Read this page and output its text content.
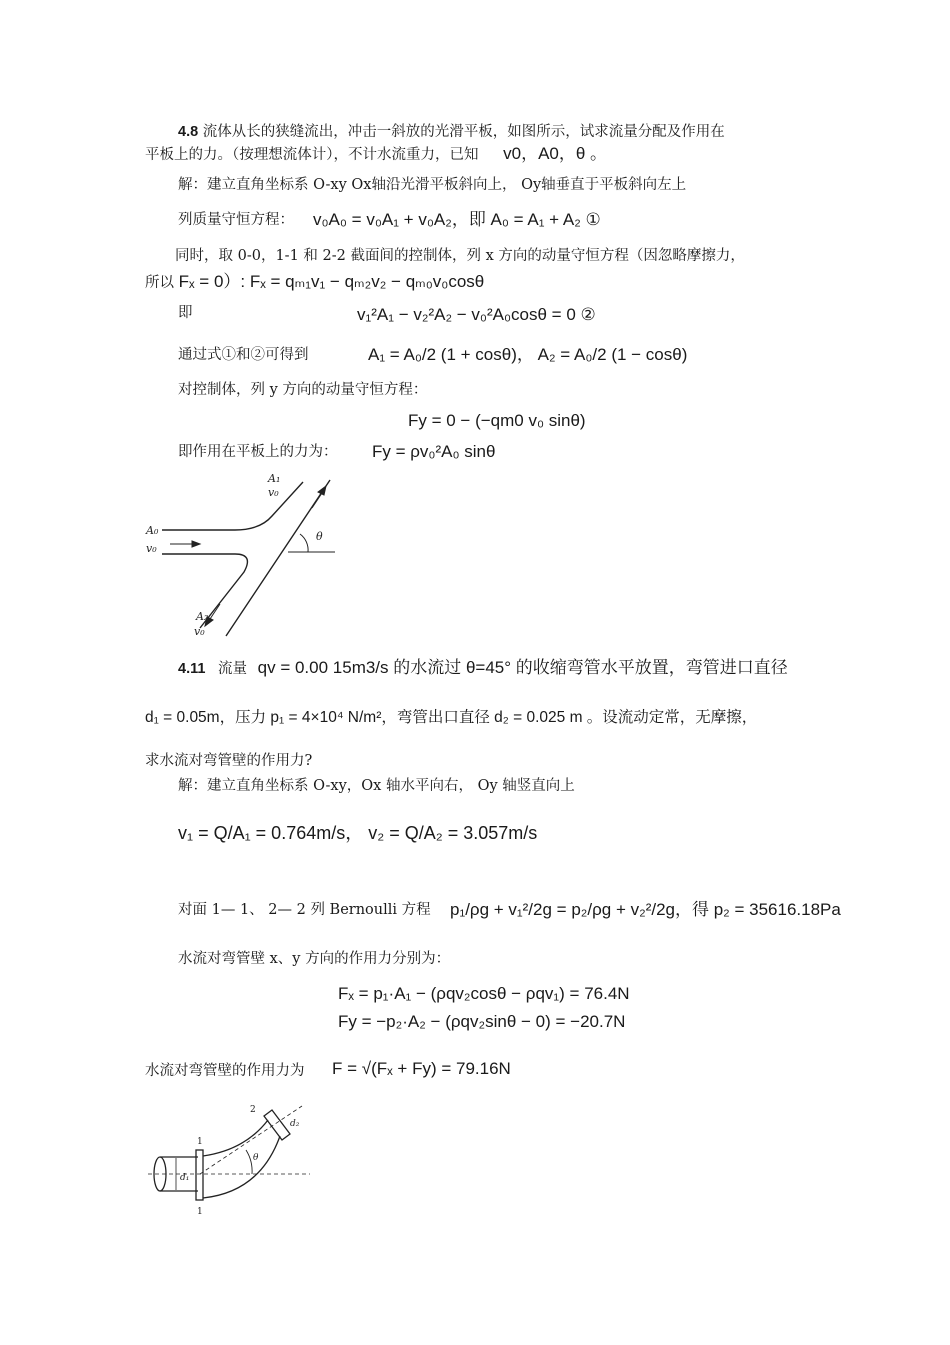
4.8 流体从长的狭缝流出，冲击一斜放的光滑平板，如图所示，试求流量分配及作用在
平板上的力。（按理想流体计），不计水流重力，已知 v0，A0，θ 。
解：建立直角坐标系 O-xy Ox轴沿光滑平板斜向上， Oy轴垂直于平板斜向左上
列质量守恒方程： v₀A₀ = v₀A₁ + v₀A₂，即 A₀ = A₁ + A₂ ①
同时，取 0-0，1-1 和 2-2 截面间的控制体，列 x 方向的动量守恒方程（因忽略摩擦力，
所以 Fₓ = 0）: Fₓ = qₘ₁v₁ − qₘ₂v₂ − qₘ₀v₀cosθ
即	v₁²A₁ − v₂²A₂ − v₀²A₀cosθ = 0 ②
通过式①和②可得到	A₁ = A₀/2 (1 + cosθ)， A₂ = A₀/2 (1 − cosθ)
对控制体，列 y 方向的动量守恒方程：
Fy = 0 − (−qm0 v₀ sinθ)
即作用在平板上的力为： Fy = ρv₀²A₀ sinθ
A₁
v₀
A₀
v₀
A₂
v₀
θ
4.11 流量 qv = 0.00 15m3/s 的水流过 θ=45° 的收缩弯管水平放置，弯管进口直径
d₁ = 0.05m，压力 p₁ = 4×10⁴ N/m²，弯管出口直径 d₂ = 0.025 m 。设流动定常，无摩擦，
求水流对弯管壁的作用力?
解：建立直角坐标系 O-xy，Ox 轴水平向右， Oy 轴竖直向上
v₁ = Q/A₁ = 0.764m/s， v₂ = Q/A₂ = 3.057m/s
对面 1— 1、 2— 2 列 Bernoulli 方程 p₁/ρg + v₁²/2g = p₂/ρg + v₂²/2g，得 p₂ = 35616.18Pa
水流对弯管壁 x、y 方向的作用力分别为：
Fₓ = p₁·A₁ − (ρqv₂cosθ − ρqv₁) = 76.4N
Fy = −p₂·A₂ − (ρqv₂sinθ − 0) = −20.7N
水流对弯管壁的作用力为 F = √(Fₓ + Fy) = 79.16N
1
1
2
d₁
d₂
θ
